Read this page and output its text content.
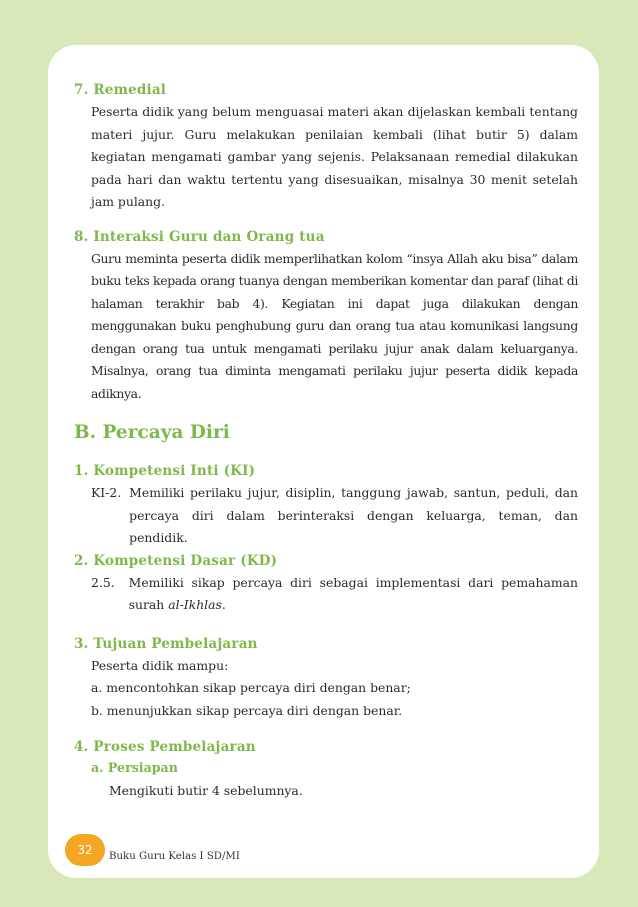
7. Remedial

Peserta didik yang belum menguasai materi akan dijelaskan kembali tentang materi jujur. Guru melakukan penilaian kembali (lihat butir 5) dalam kegiatan mengamati gambar yang sejenis. Pelaksanaan remedial dilakukan pada hari dan waktu tertentu yang disesuaikan, misalnya 30 menit setelah jam pulang.

8. Interaksi Guru dan Orang tua

Guru meminta peserta didik memperlihatkan kolom “insya Allah aku bisa” dalam buku teks kepada orang tuanya dengan memberikan komentar dan paraf (lihat di halaman terakhir bab 4). Kegiatan ini dapat juga dilakukan dengan menggunakan buku penghubung guru dan orang tua atau komunikasi langsung dengan orang tua untuk mengamati perilaku jujur anak dalam keluarganya. Misalnya, orang tua diminta mengamati perilaku jujur peserta didik kepada adiknya.

B. Percaya Diri

1. Kompetensi Inti (KI)

KI-2. Memiliki perilaku jujur, disiplin, tanggung jawab, santun, peduli, dan percaya diri dalam berinteraksi dengan keluarga, teman, dan pendidik.

2. Kompetensi Dasar (KD)

2.5. Memiliki sikap percaya diri sebagai implementasi dari pemahaman surah al-Ikhlas.

3. Tujuan Pembelajaran

Peserta didik mampu:

a. mencontohkan sikap percaya diri dengan benar;

b. menunjukkan sikap percaya diri dengan benar.

4. Proses Pembelajaran

a. Persiapan

Mengikuti butir 4 sebelumnya.

32	Buku Guru Kelas I SD/MI
